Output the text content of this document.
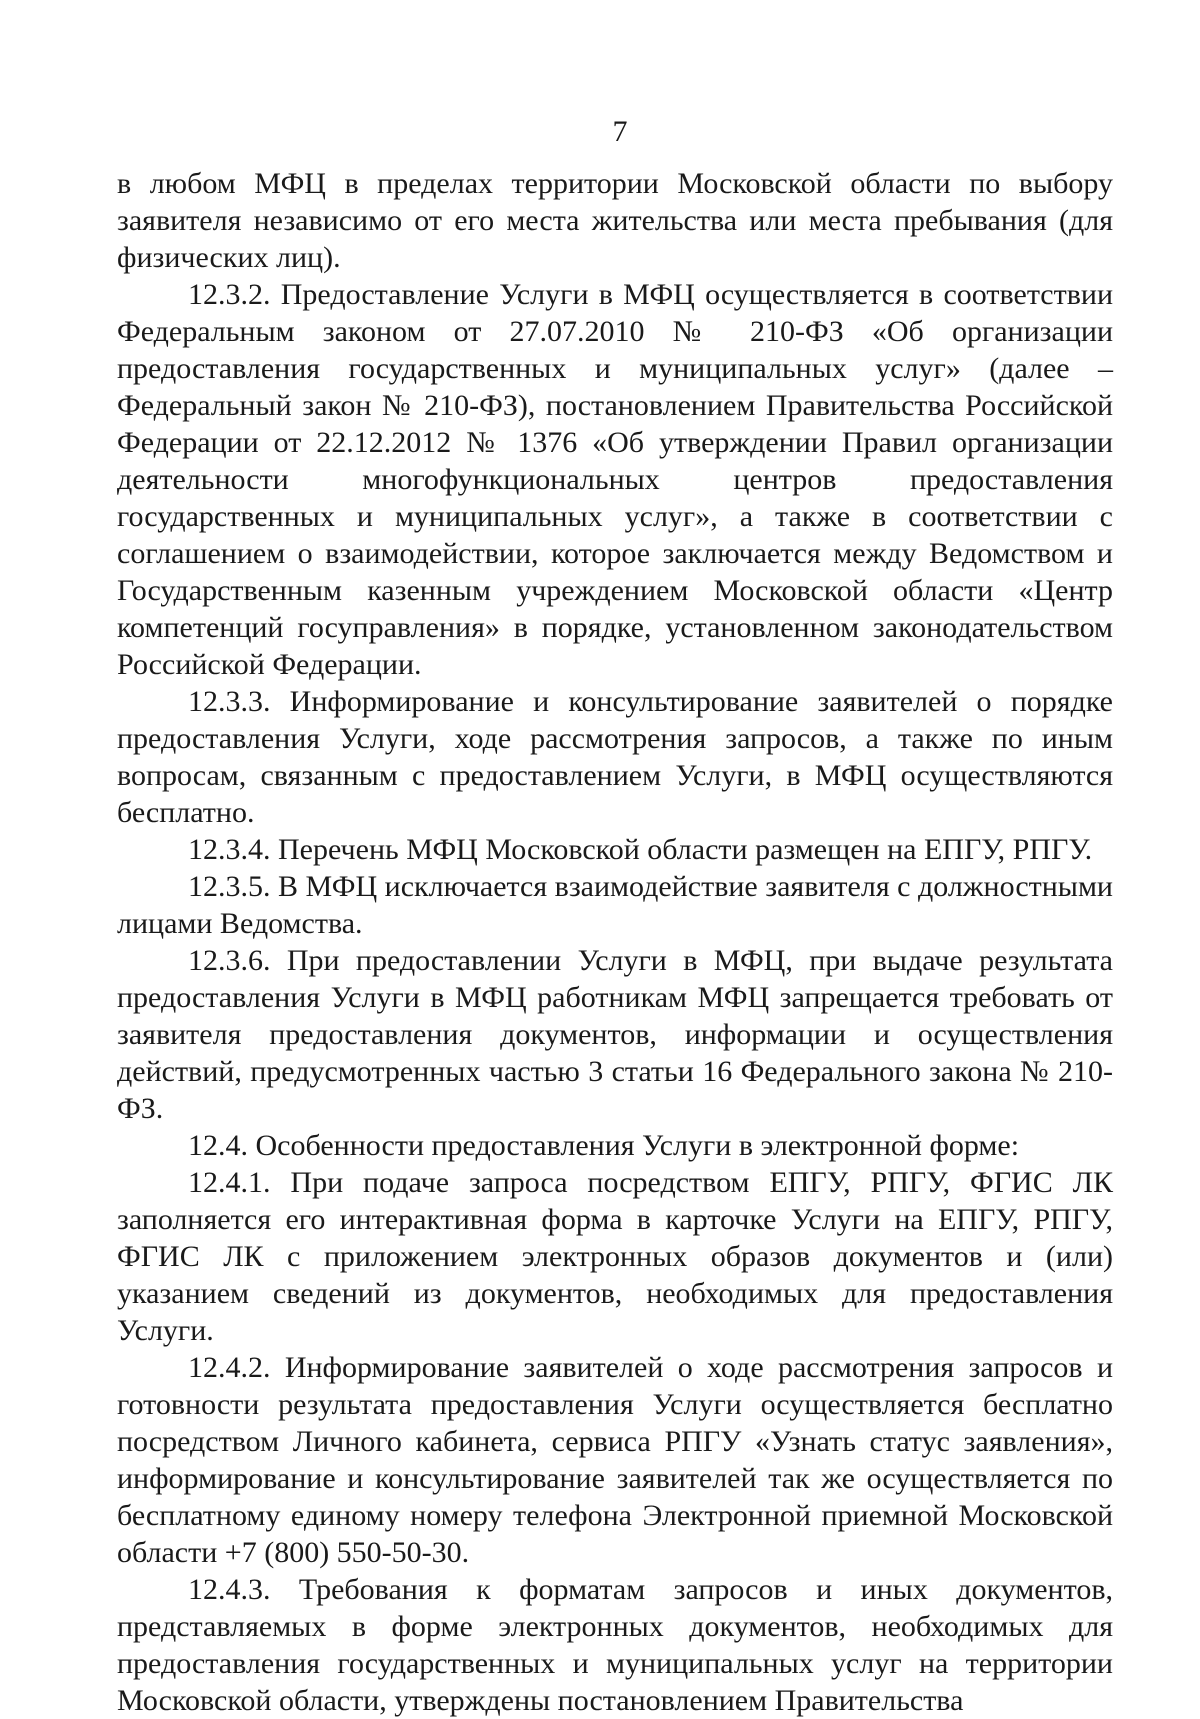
7

в любом МФЦ в пределах территории Московской области по выбору заявителя независимо от его места жительства или места пребывания (для физических лиц).

12.3.2. Предоставление Услуги в МФЦ осуществляется в соответствии Федеральным законом от 27.07.2010 № 210-ФЗ «Об организации предоставления государственных и муниципальных услуг» (далее – Федеральный закон № 210-ФЗ), постановлением Правительства Российской Федерации от 22.12.2012 № 1376 «Об утверждении Правил организации деятельности многофункциональных центров предоставления государственных и муниципальных услуг», а также в соответствии с соглашением о взаимодействии, которое заключается между Ведомством и Государственным казенным учреждением Московской области «Центр компетенций госуправления» в порядке, установленном законодательством Российской Федерации.

12.3.3. Информирование и консультирование заявителей о порядке предоставления Услуги, ходе рассмотрения запросов, а также по иным вопросам, связанным с предоставлением Услуги, в МФЦ осуществляются бесплатно.

12.3.4. Перечень МФЦ Московской области размещен на ЕПГУ, РПГУ.

12.3.5. В МФЦ исключается взаимодействие заявителя с должностными лицами Ведомства.

12.3.6. При предоставлении Услуги в МФЦ, при выдаче результата предоставления Услуги в МФЦ работникам МФЦ запрещается требовать от заявителя предоставления документов, информации и осуществления действий, предусмотренных частью 3 статьи 16 Федерального закона № 210-ФЗ.

12.4. Особенности предоставления Услуги в электронной форме:

12.4.1. При подаче запроса посредством ЕПГУ, РПГУ, ФГИС ЛК заполняется его интерактивная форма в карточке Услуги на ЕПГУ, РПГУ, ФГИС ЛК с приложением электронных образов документов и (или) указанием сведений из документов, необходимых для предоставления Услуги.

12.4.2. Информирование заявителей о ходе рассмотрения запросов и готовности результата предоставления Услуги осуществляется бесплатно посредством Личного кабинета, сервиса РПГУ «Узнать статус заявления», информирование и консультирование заявителей так же осуществляется по бесплатному единому номеру телефона Электронной приемной Московской области +7 (800) 550-50-30.

12.4.3. Требования к форматам запросов и иных документов, представляемых в форме электронных документов, необходимых для предоставления государственных и муниципальных услуг на территории Московской области, утверждены постановлением Правительства
